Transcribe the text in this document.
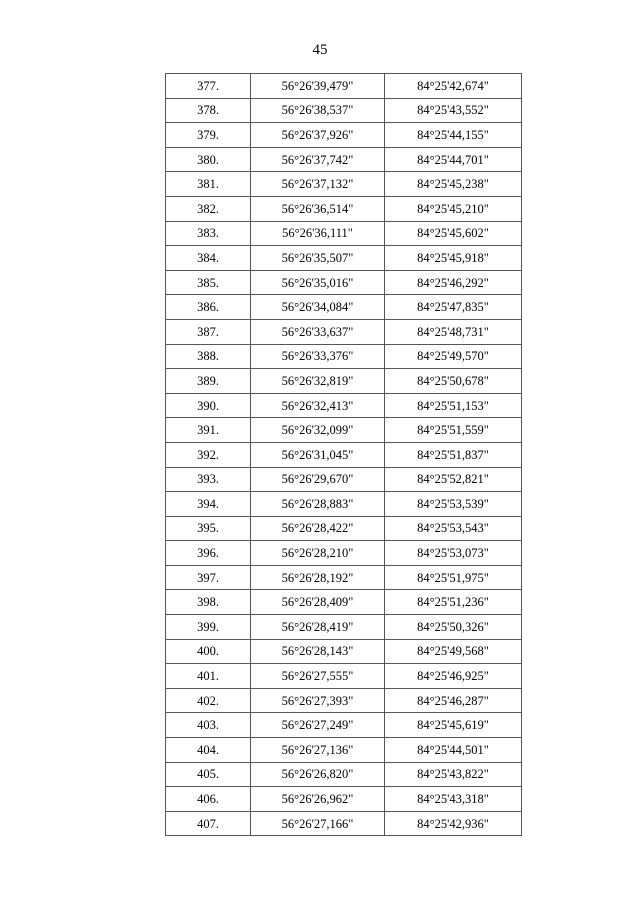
45
377.	56°26'39,479"	84°25'42,674"
378.	56°26'38,537"	84°25'43,552"
379.	56°26'37,926"	84°25'44,155"
380.	56°26'37,742"	84°25'44,701"
381.	56°26'37,132"	84°25'45,238"
382.	56°26'36,514"	84°25'45,210"
383.	56°26'36,111"	84°25'45,602"
384.	56°26'35,507"	84°25'45,918"
385.	56°26'35,016"	84°25'46,292"
386.	56°26'34,084"	84°25'47,835"
387.	56°26'33,637"	84°25'48,731"
388.	56°26'33,376"	84°25'49,570"
389.	56°26'32,819"	84°25'50,678"
390.	56°26'32,413"	84°25'51,153"
391.	56°26'32,099"	84°25'51,559"
392.	56°26'31,045"	84°25'51,837"
393.	56°26'29,670"	84°25'52,821"
394.	56°26'28,883"	84°25'53,539"
395.	56°26'28,422"	84°25'53,543"
396.	56°26'28,210"	84°25'53,073"
397.	56°26'28,192"	84°25'51,975"
398.	56°26'28,409"	84°25'51,236"
399.	56°26'28,419"	84°25'50,326"
400.	56°26'28,143"	84°25'49,568"
401.	56°26'27,555"	84°25'46,925"
402.	56°26'27,393"	84°25'46,287"
403.	56°26'27,249"	84°25'45,619"
404.	56°26'27,136"	84°25'44,501"
405.	56°26'26,820"	84°25'43,822"
406.	56°26'26,962"	84°25'43,318"
407.	56°26'27,166"	84°25'42,936"
